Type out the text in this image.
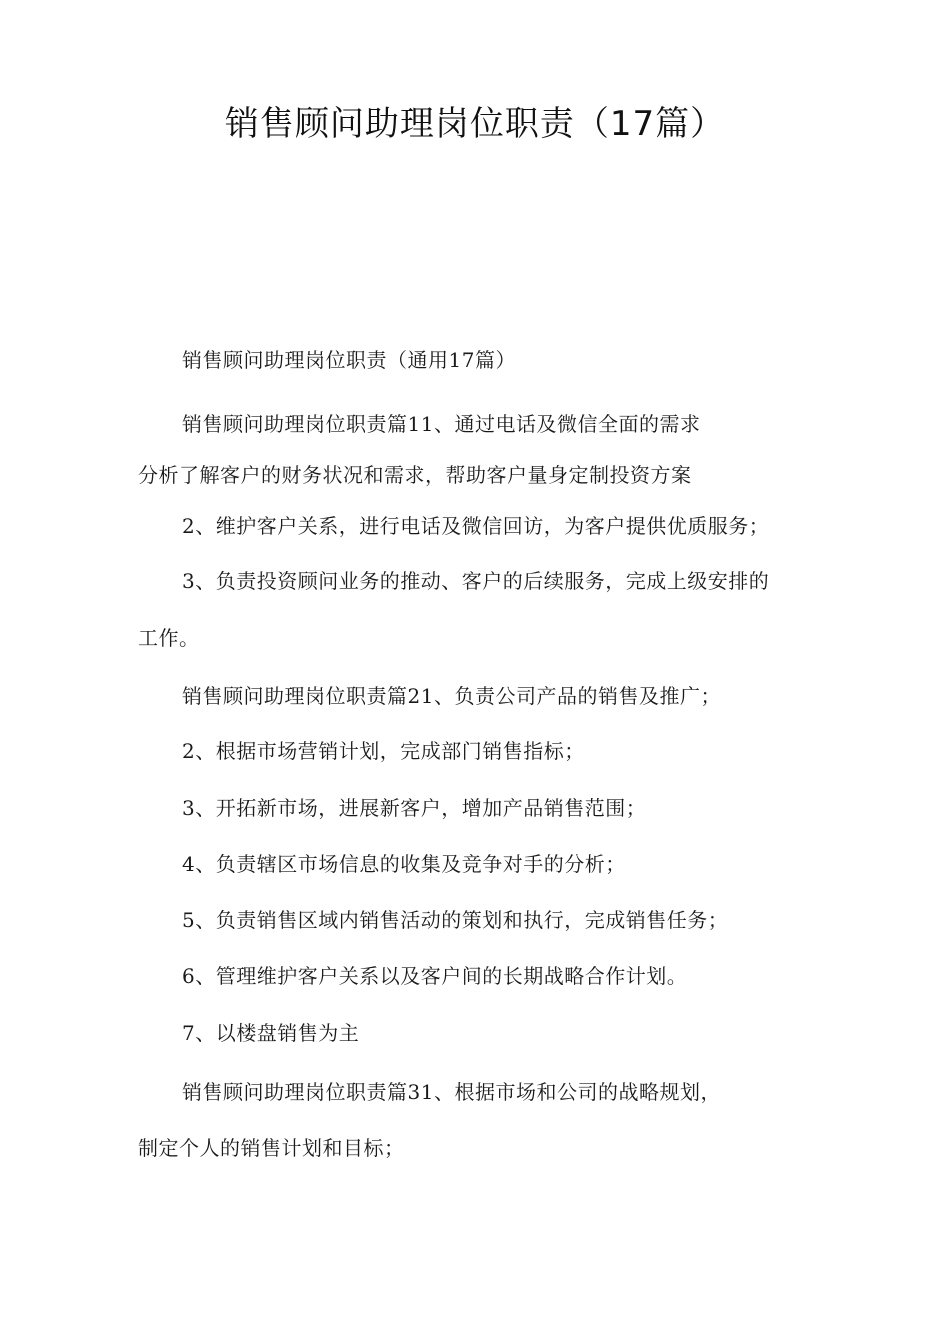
销售顾问助理岗位职责（17篇）
销售顾问助理岗位职责（通用17篇）
销售顾问助理岗位职责篇11、通过电话及微信全面的需求
分析了解客户的财务状况和需求，帮助客户量身定制投资方案
2、维护客户关系，进行电话及微信回访，为客户提供优质服务；
3、负责投资顾问业务的推动、客户的后续服务，完成上级安排的
工作。
销售顾问助理岗位职责篇21、负责公司产品的销售及推广；
2、根据市场营销计划，完成部门销售指标；
3、开拓新市场，进展新客户，增加产品销售范围；
4、负责辖区市场信息的收集及竞争对手的分析；
5、负责销售区域内销售活动的策划和执行，完成销售任务；
6、管理维护客户关系以及客户间的长期战略合作计划。
7、以楼盘销售为主
销售顾问助理岗位职责篇31、根据市场和公司的战略规划，
制定个人的销售计划和目标；
